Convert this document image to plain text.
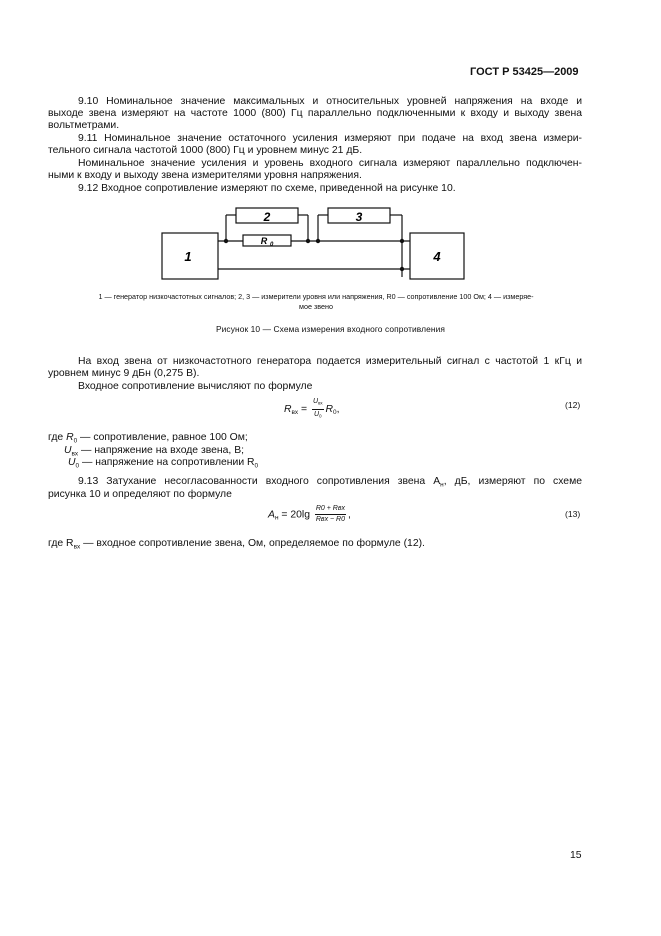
ГОСТ Р 53425—2009
9.10 Номинальное значение максимальных и относительных уровней напряжения на входе и
выходе звена измеряют на частоте 1000 (800) Гц параллельно подключенными к входу и выходу звена
вольтметрами.
9.11 Номинальное значение остаточного усиления измеряют при подаче на вход звена измери-
тельного сигнала частотой 1000 (800) Гц и уровнем минус 21 дБ.
Номинальное значение усиления и уровень входного сигнала измеряют параллельно подключен-
ными к входу и выходу звена измерителями уровня напряжения.
9.12 Входное сопротивление измеряют по схеме, приведенной на рисунке 10.
1	4
2	3
R 0
1 — генератор низкочастотных сигналов; 2, 3 — измерители уровня или напряжения, R0 — сопротивление 100 Ом; 4 — измеряе-
мое звено
Рисунок 10 — Схема измерения входного сопротивления
На вход звена от низкочастотного генератора подается измерительный сигнал с частотой 1 кГц и
уровнем минус 9 дБн (0,275 В).
Входное сопротивление вычисляют по формуле
$R_{вх} = \frac{U_{вх}}{U_0} R_0$,	(12)
где $R_0$ — сопротивление, равное 100 Ом;
$U_{вх}$ — напряжение на входе звена, В;
$U_0$ — напряжение на сопротивлении $R_0$
9.13 Затухание несогласованности входного сопротивления звена $A_н$, дБ, измеряют по схеме
рисунка 10 и определяют по формуле
$A_н = 20\lg \frac{\text{R0 + Rвх}}{\text{Rвх − R0}}$ ,	(13)
где $R_{вх}$ — входное сопротивление звена, Ом, определяемое по формуле (12).
15
